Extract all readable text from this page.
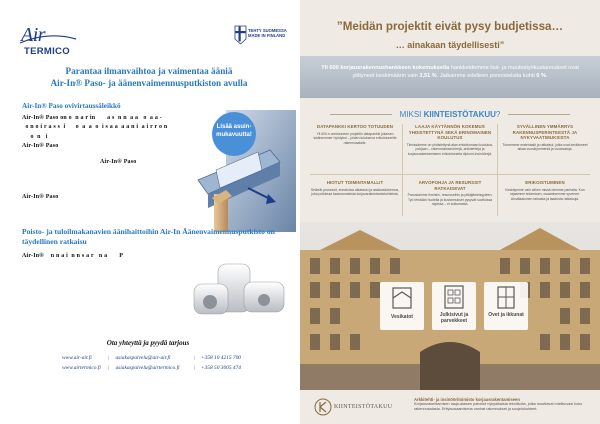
Air
TERMICO
TEHTY SUOMESSA
MADE IN FINLAND
Parantaa ilmanvaihtoa ja vaimentaa ääniä
Air-In® Paso- ja äänenvaimennusputkiston avulla
Air-In® Paso ovivirtaussäleikkö
Air-In® Paso on o  n a r in       a s  n n  a a   o  a a -
o n o i r a s s  i      o  a  a  o  i s a a  a a n i  a i r r o n
o  n   i
Air-In® Paso
Air-In® Paso
Air-In® Paso
Lisää asuin-
mukavuutta!
Poisto- ja tuloilmakanavien äänihaittoihin Air-In Äänenvaimennusputkisto on täydellinen ratkaisu
Air-In®    n n a i  n n s a r   n a       P
Ota yhteyttä ja pyydä tarjous
www.air-air.fi	| asiakaspalvelu@air-air.fi	| +358 10 4215 700
www.airtermico.fi | asiakaspalvelu@airtermico.fi	| +358 50 3005 474
”Meidän projektit eivät pysy budjetissa…
… ainakaan täydellisesti”
Yli 600 korjausrakennushankkeen kokemuksella hankkeidemme lisä- ja muutostyökustannukset ovat ylittyneet keskimäärin vain 3,51 %. Jatkamme edelleen ponnisteluita kohti 0 %.
MIKSI KIINTEISTÖTAKUU?
DATAPANKKI KERTOO TOTUUDEN
Yli 600:n onnistuneen projektin datapankki jokaisen sisäisemmer hyödyksi – joiden tuloksena erikoistuneille rakennusalalle.
LAAJA KÄYTÄNNÖN KOKEMUS YHDISTETTYNÄ SEKÄ ERINOMAINEN KOULUTUS
Tiimissämme on yhdistettynä alan ehdottomaan koulutus-pohjaan – rakennusinsinöörejä, arkkitehteja ja korjausrakentamiseen erikoistuneita diplomi-insinöörejä.
SYVÄLLINEN YMMÄRRYS RAKENNUSPERINTEESTÄ JA NYKYVAATIMUKSISTA
Tunnemme materiaalit ja ratkaisut, jotka ovat keräänneet aikaa vuosikymmeniä ja vuosisatoja.
HIOTUT TOIMINTAMALLIT
Selkeät prosessit, ennakoiva aikataulu ja asiakaskokemus, joka poikkeaa tavanomaisista korjausrakentamiskohteista.
ARVOPOHJA JA RESURSSIT RATKAISEVAT
Panostamme ihmisiin, resursseihin ja pitkäjänteisyyteen. Työ tehdään huolella ja kustannukset pysyvät sovituissa rajoissa – ei suttumasta.
ERIKOISTUMINEN
Keskitymme vain siihen missä olemme parhaita. Kun rajaamme tekemisen, osaamisemme syvenee. Ainutlaatuinen tarkasta ja laadusta ratkaisuja.
Vesikatot	Julkisivut ja parvekkeet
Ovet ja ikkunat
KIINTEISTÖTAKUU
Arkkitehti- ja insinööritoimisto korjausrakentamiseen
Korjausrakentamisen laaja-alaisen palvelut nykyaikaisia tekniikoita, jotka muuttavat mielikuvasi koko rakennusalasta. Erityisosaamisena vanhat rakennukset ja suojelukohteet.
